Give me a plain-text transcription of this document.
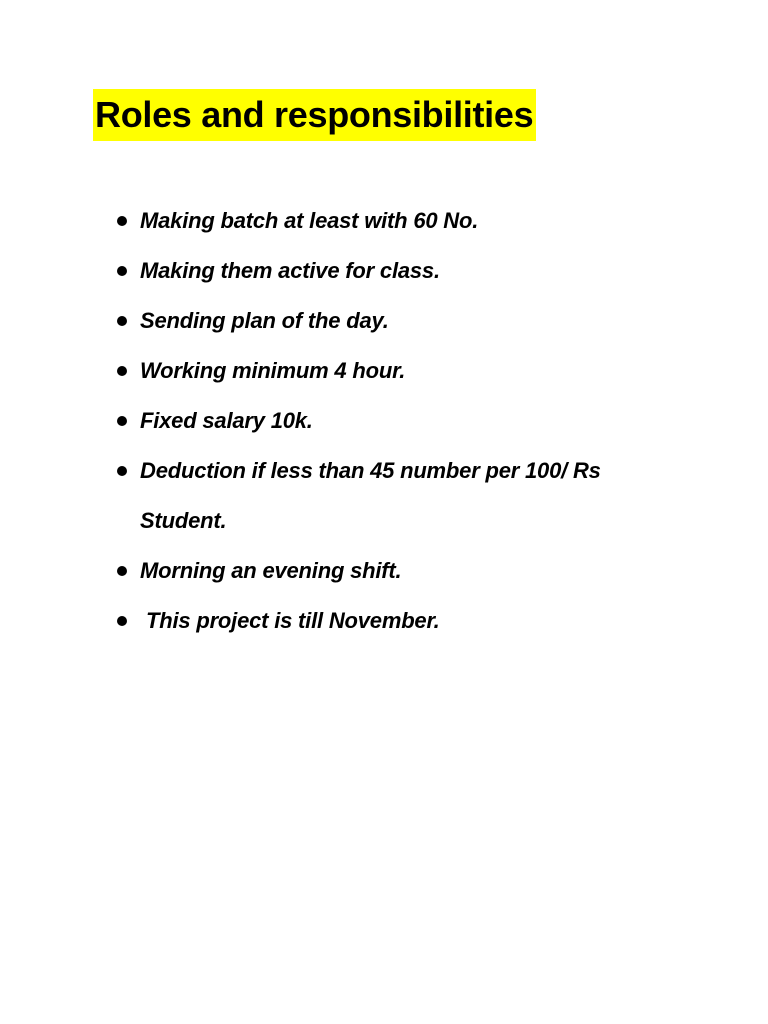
Roles and responsibilities
Making batch at least with 60 No.
Making them active for class.
Sending plan of the day.
Working minimum 4 hour.
Fixed salary 10k.
Deduction if less than 45 number per 100/ Rs Student.
Morning an evening shift.
This project is till November.
